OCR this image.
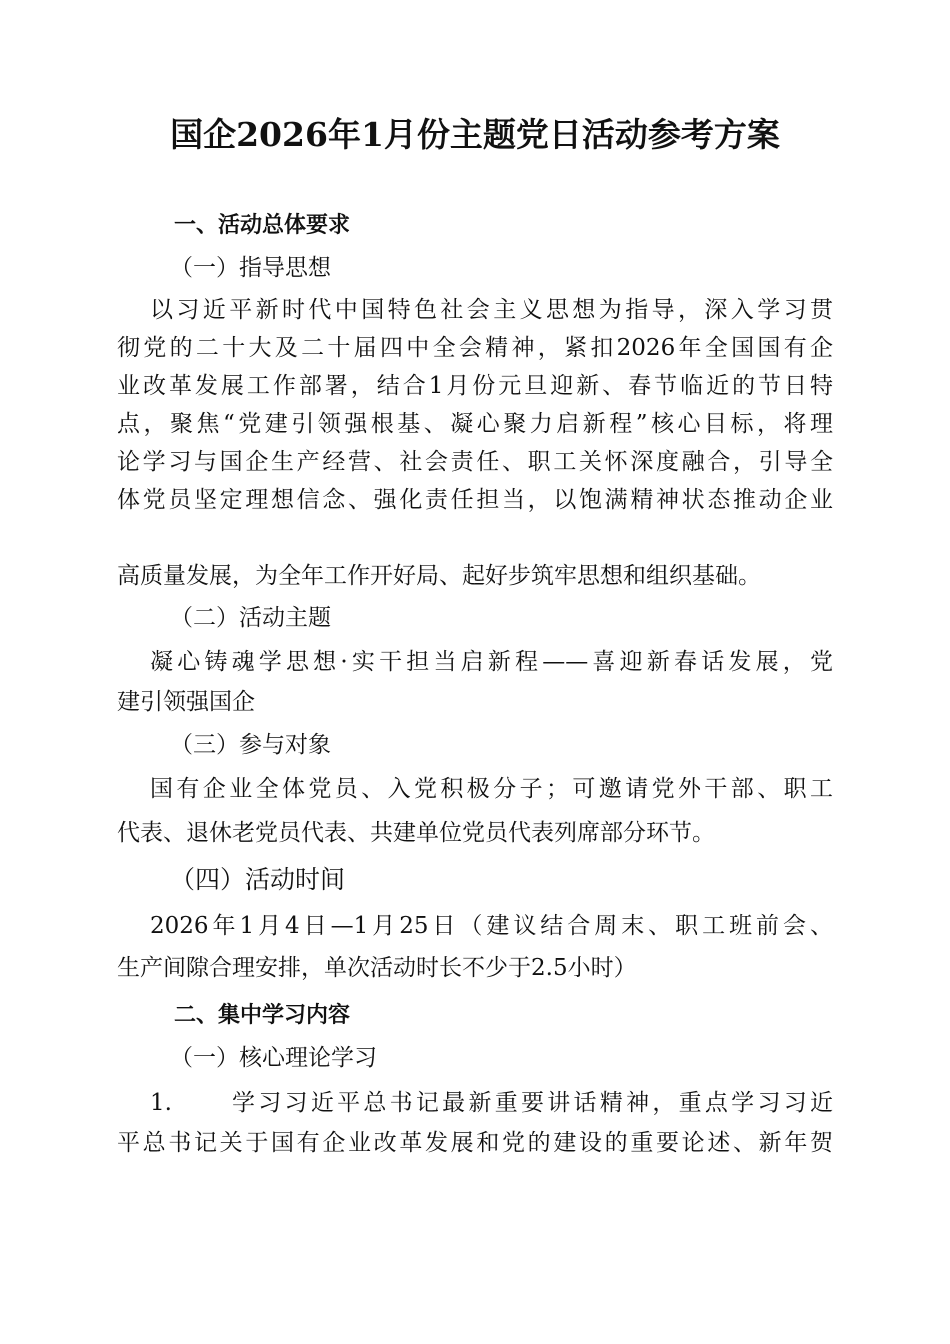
国企2026年1月份主题党日活动参考方案
一、活动总体要求
（一）指导思想
以习近平新时代中国特色社会主义思想为指导，深入学习贯
彻党的二十大及二十届四中全会精神，紧扣2026年全国国有企
业改革发展工作部署，结合1月份元旦迎新、春节临近的节日特
点，聚焦“党建引领强根基、凝心聚力启新程”核心目标，将理
论学习与国企生产经营、社会责任、职工关怀深度融合，引导全
体党员坚定理想信念、强化责任担当，以饱满精神状态推动企业
高质量发展，为全年工作开好局、起好步筑牢思想和组织基础。
（二）活动主题
凝心铸魂学思想·实干担当启新程——喜迎新春话发展，党
建引领强国企
（三）参与对象
国有企业全体党员、入党积极分子；可邀请党外干部、职工
代表、退休老党员代表、共建单位党员代表列席部分环节。
（四）活动时间
2026年1月4日—1月25日（建议结合周末、职工班前会、
生产间隙合理安排，单次活动时长不少于2.5小时）
二、集中学习内容
（一）核心理论学习
1.	学习习近平总书记最新重要讲话精神，重点学习习近
平总书记关于国有企业改革发展和党的建设的重要论述、新年贺
